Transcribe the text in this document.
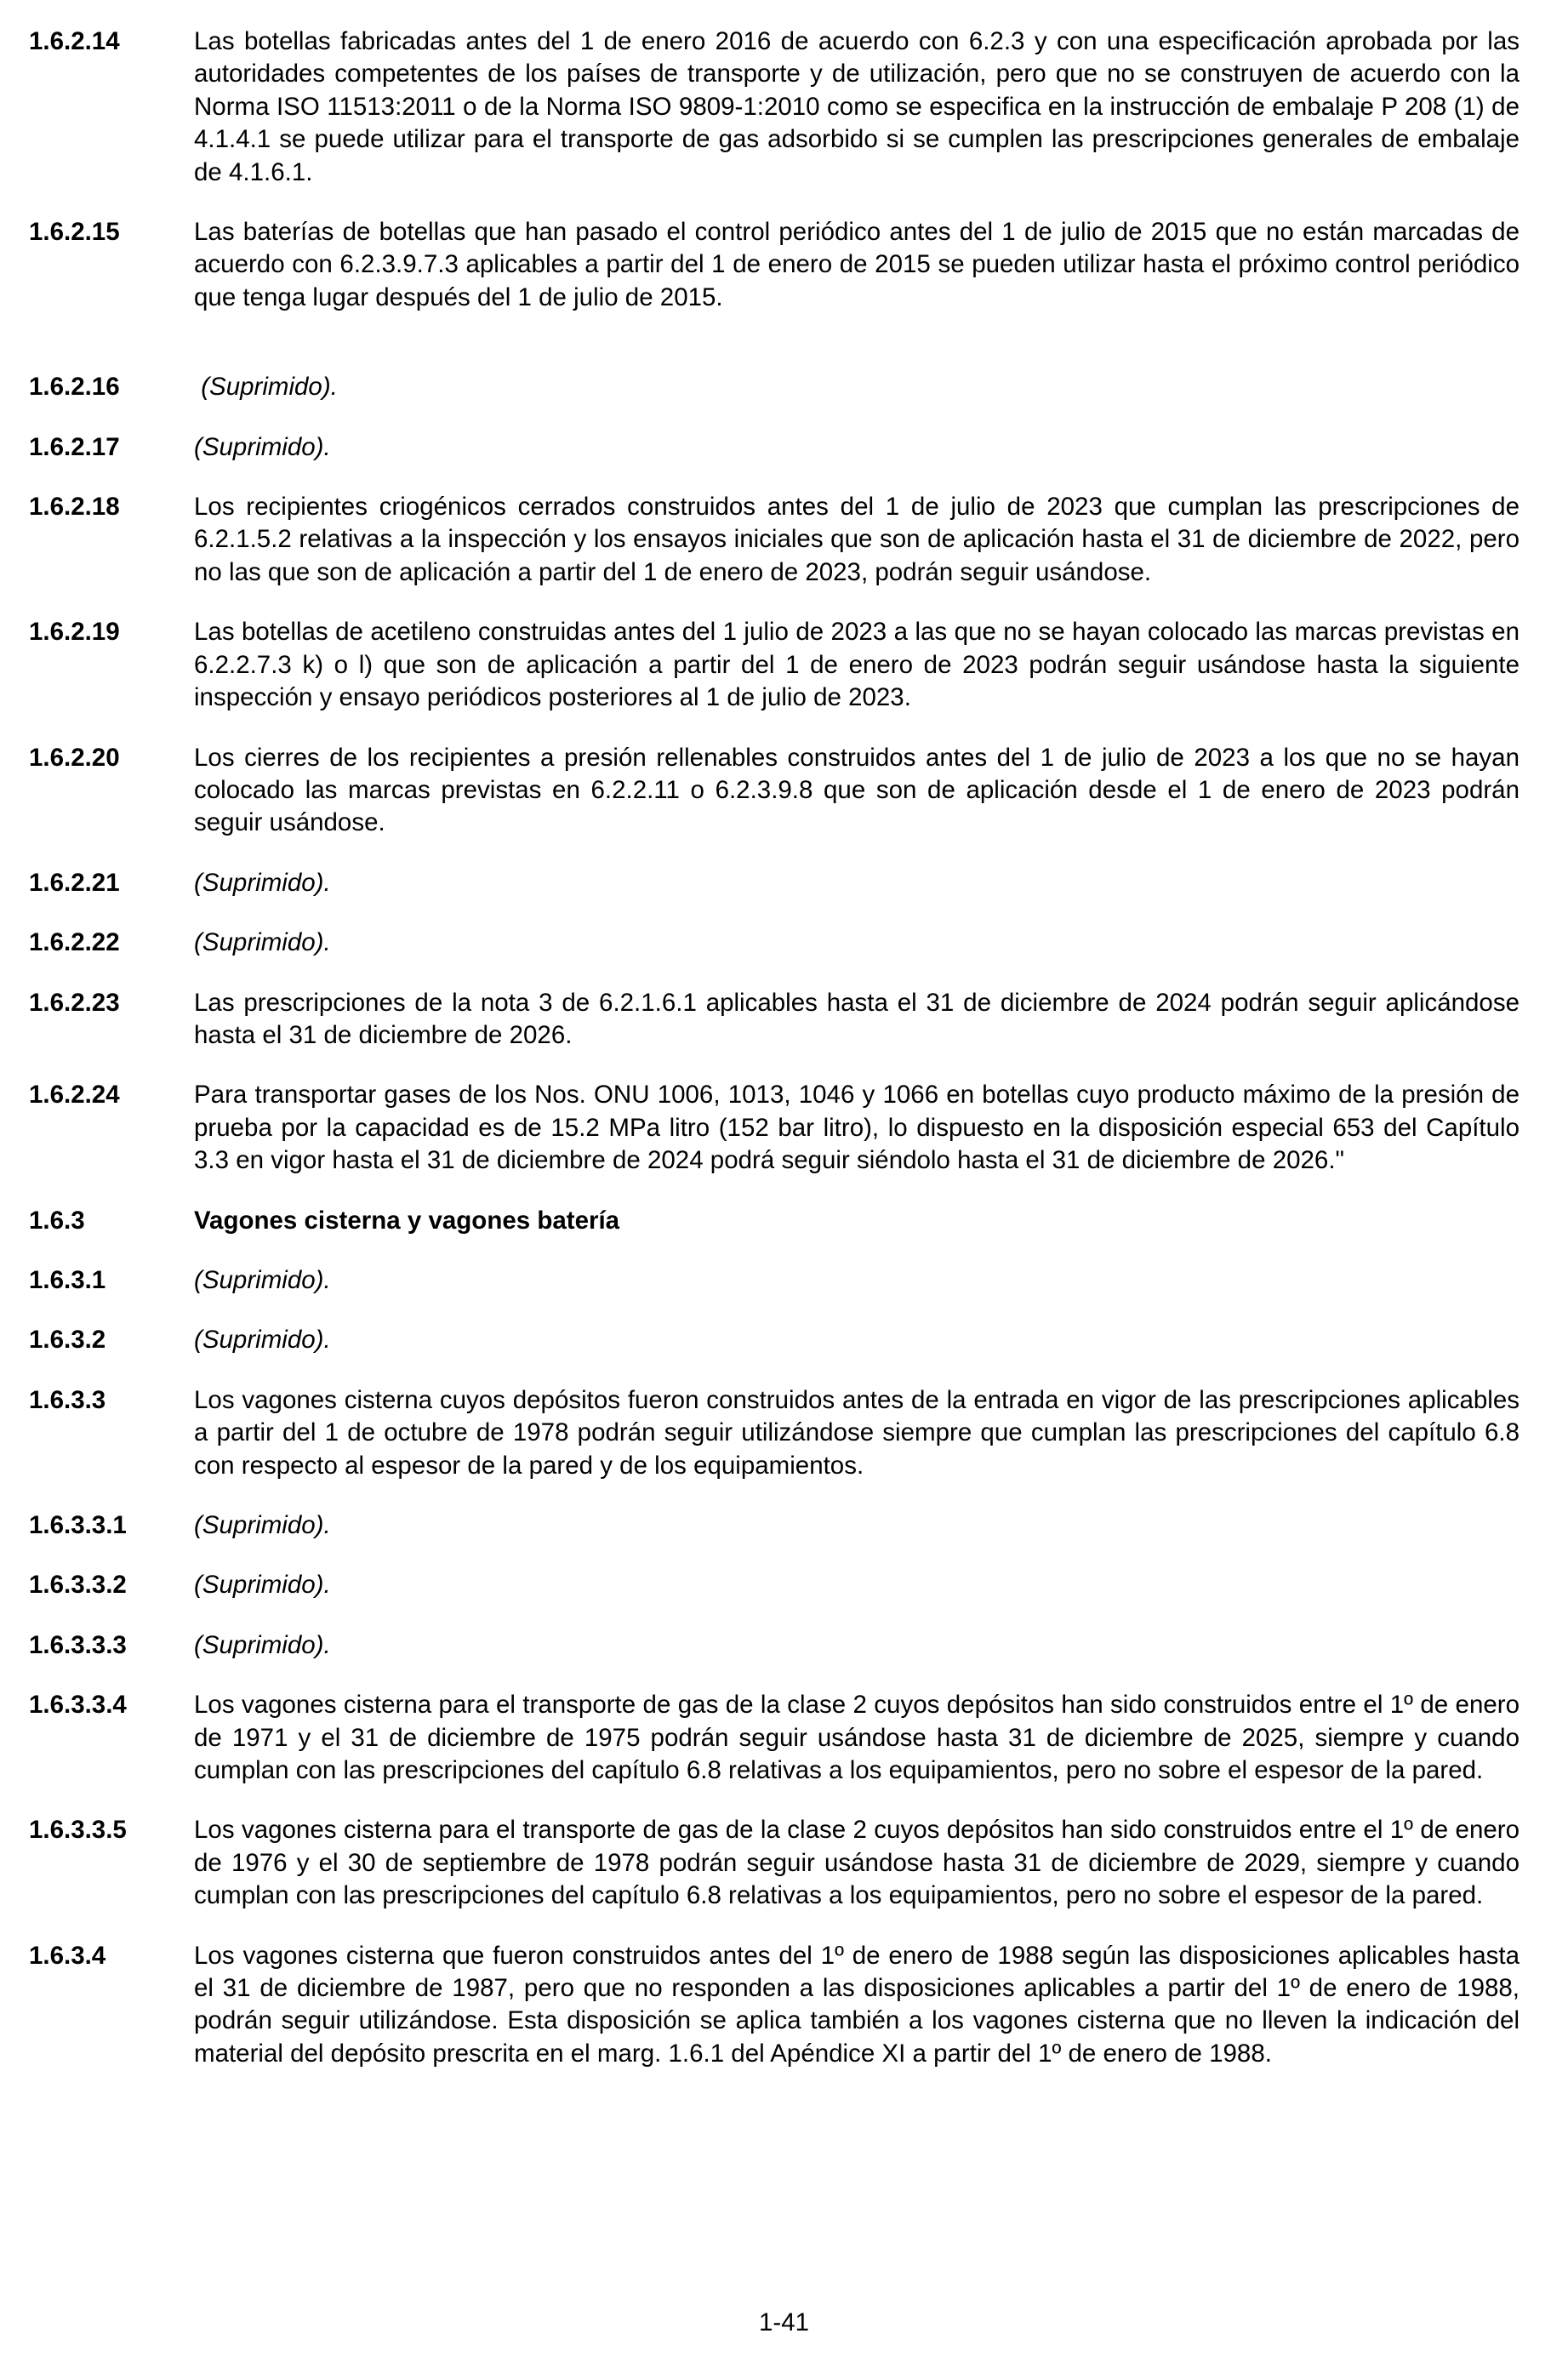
1.6.2.14	Las botellas fabricadas antes del 1 de enero 2016 de acuerdo con 6.2.3 y con una especificación aprobada por las autoridades competentes de los países de transporte y de utilización, pero que no se construyen de acuerdo con la Norma ISO 11513:2011 o de la Norma ISO 9809-1:2010 como se especifica en la instrucción de embalaje P 208 (1) de 4.1.4.1 se puede utilizar para el transporte de gas adsorbido si se cumplen las prescripciones generales de embalaje de 4.1.6.1.
1.6.2.15	Las baterías de botellas que han pasado el control periódico antes del 1 de julio de 2015 que no están marcadas de acuerdo con 6.2.3.9.7.3 aplicables a partir del 1 de enero de 2015 se pueden utilizar hasta el próximo control periódico que tenga lugar después del 1 de julio de 2015.
1.6.2.16	(Suprimido).
1.6.2.17	(Suprimido).
1.6.2.18	Los recipientes criogénicos cerrados construidos antes del 1 de julio de 2023 que cumplan las prescripciones de 6.2.1.5.2 relativas a la inspección y los ensayos iniciales que son de aplicación hasta el 31 de diciembre de 2022, pero no las que son de aplicación a partir del 1 de enero de 2023, podrán seguir usándose.
1.6.2.19	Las botellas de acetileno construidas antes del 1 julio de 2023 a las que no se hayan colocado las marcas previstas en 6.2.2.7.3 k) o l) que son de aplicación a partir del 1 de enero de 2023 podrán seguir usándose hasta la siguiente inspección y ensayo periódicos posteriores al 1 de julio de 2023.
1.6.2.20	Los cierres de los recipientes a presión rellenables construidos antes del 1 de julio de 2023 a los que no se hayan colocado las marcas previstas en 6.2.2.11 o 6.2.3.9.8 que son de aplicación desde el 1 de enero de 2023 podrán seguir usándose.
1.6.2.21	(Suprimido).
1.6.2.22	(Suprimido).
1.6.2.23	Las prescripciones de la nota 3 de 6.2.1.6.1 aplicables hasta el 31 de diciembre de 2024 podrán seguir aplicándose hasta el 31 de diciembre de 2026.
1.6.2.24	Para transportar gases de los Nos. ONU 1006, 1013, 1046 y 1066 en botellas cuyo producto máximo de la presión de prueba por la capacidad es de 15.2 MPa litro (152 bar litro), lo dispuesto en la disposición especial 653 del Capítulo 3.3 en vigor hasta el 31 de diciembre de 2024 podrá seguir siéndolo hasta el 31 de diciembre de 2026."
1.6.3	Vagones cisterna y vagones batería
1.6.3.1	(Suprimido).
1.6.3.2	(Suprimido).
1.6.3.3	Los vagones cisterna cuyos depósitos fueron construidos antes de la entrada en vigor de las prescripciones aplicables a partir del 1 de octubre de 1978 podrán seguir utilizándose siempre que cumplan las prescripciones del capítulo 6.8 con respecto al espesor de la pared y de los equipamientos.
1.6.3.3.1	(Suprimido).
1.6.3.3.2	(Suprimido).
1.6.3.3.3	(Suprimido).
1.6.3.3.4	Los vagones cisterna para el transporte de gas de la clase 2 cuyos depósitos han sido construidos entre el 1º de enero de 1971 y el 31 de diciembre de 1975 podrán seguir usándose hasta 31 de diciembre de 2025, siempre y cuando cumplan con las prescripciones del capítulo 6.8 relativas a los equipamientos, pero no sobre el espesor de la pared.
1.6.3.3.5	Los vagones cisterna para el transporte de gas de la clase 2 cuyos depósitos han sido construidos entre el 1º de enero de 1976 y el 30 de septiembre de 1978 podrán seguir usándose hasta 31 de diciembre de 2029, siempre y cuando cumplan con las prescripciones del capítulo 6.8 relativas a los equipamientos, pero no sobre el espesor de la pared.
1.6.3.4	Los vagones cisterna que fueron construidos antes del 1º de enero de 1988 según las disposiciones aplicables hasta el 31 de diciembre de 1987, pero que no responden a las disposiciones aplicables a partir del 1º de enero de 1988, podrán seguir utilizándose. Esta disposición se aplica también a los vagones cisterna que no lleven la indicación del material del depósito prescrita en el marg. 1.6.1 del Apéndice XI a partir del 1º de enero de 1988.
1-41
